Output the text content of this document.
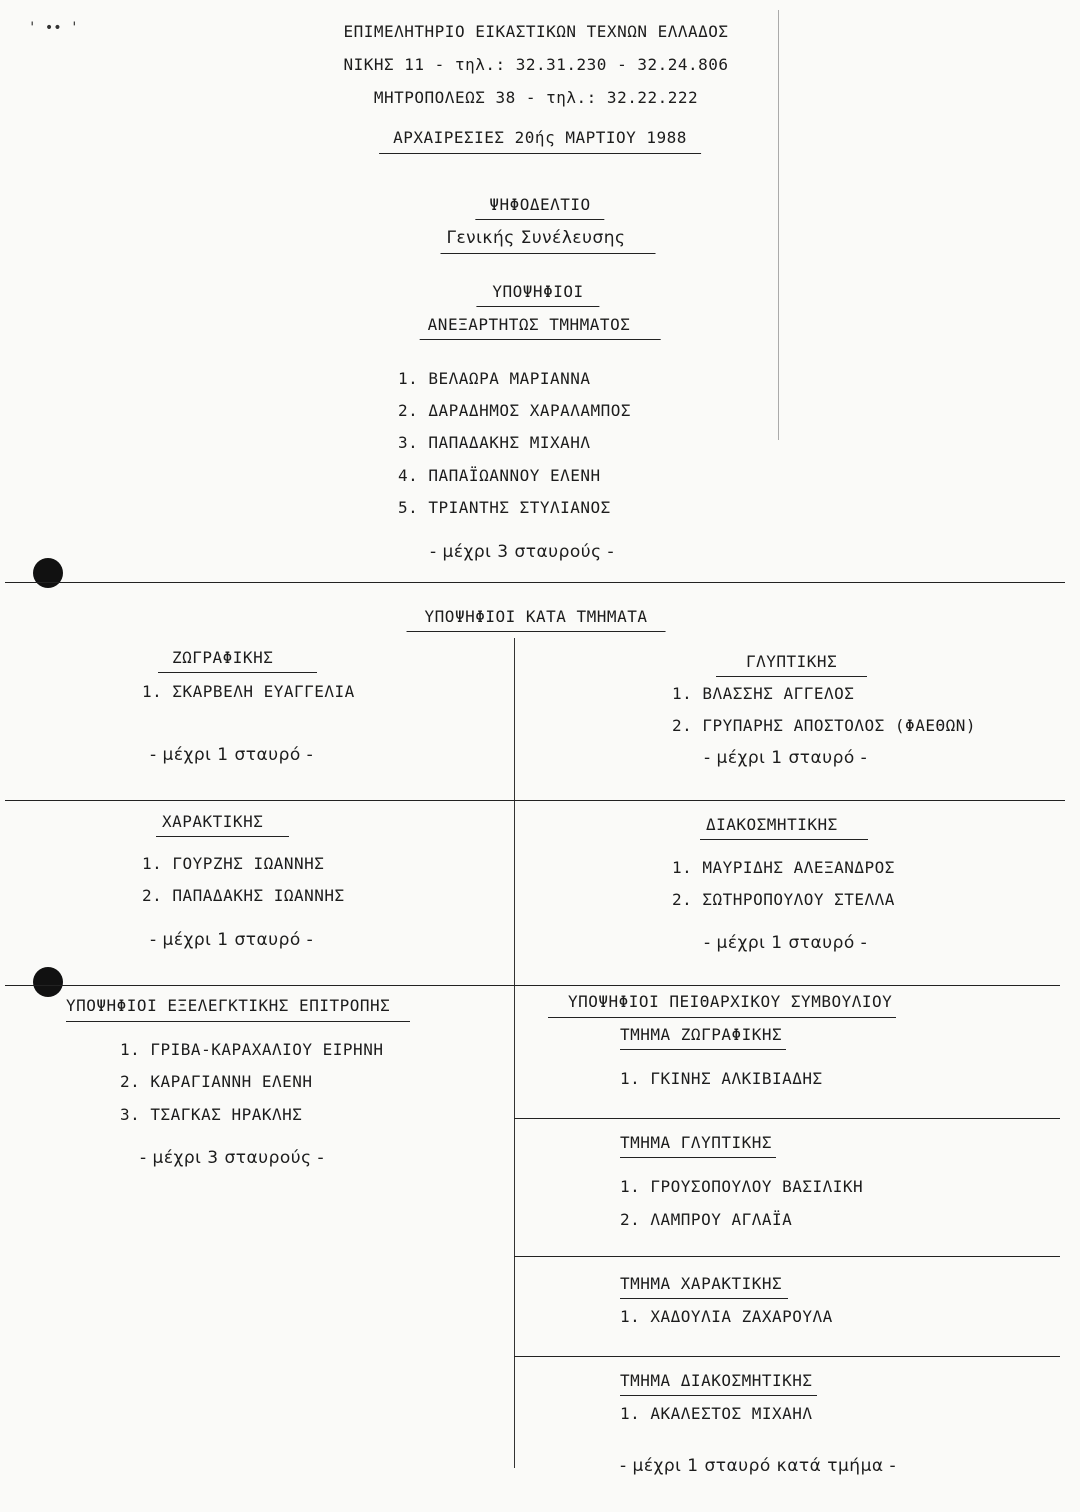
' •• '	ΕΠΙΜΕΛΗΤΗΡΙΟ ΕΙΚΑΣΤΙΚΩΝ ΤΕΧΝΩΝ ΕΛΛΑΔΟΣ
ΝΙΚΗΣ 11 - τηλ.: 32.31.230 - 32.24.806
ΜΗΤΡΟΠΟΛΕΩΣ 38 - τηλ.: 32.22.222
ΑΡΧΑΙΡΕΣΙΕΣ 20ής ΜΑΡΤΙΟΥ 1988
ΨΗΦΟΔΕΛΤΙΟ
Γενικής Συνέλευσης
ΥΠΟΨΗΦΙΟΙ
ΑΝΕΞΑΡΤΗΤΩΣ ΤΜΗΜΑΤΟΣ
1. ΒΕΛΑΩΡΑ ΜΑΡΙΑΝΝΑ
2. ΔΑΡΑΔΗΜΟΣ ΧΑΡΑΛΑΜΠΟΣ
3. ΠΑΠΑΔΑΚΗΣ ΜΙΧΑΗΛ
4. ΠΑΠΑΪΩΑΝΝΟΥ ΕΛΕΝΗ
5. ΤΡΙΑΝΤΗΣ ΣΤΥΛΙΑΝΟΣ
- μέχρι 3 σταυρούς -
ΥΠΟΨΗΦΙΟΙ ΚΑΤΑ ΤΜΗΜΑΤΑ
ΖΩΓΡΑΦΙΚΗΣ
1. ΣΚΑΡΒΕΛΗ ΕΥΑΓΓΕΛΙΑ
- μέχρι 1 σταυρό -
ΓΛΥΠΤΙΚΗΣ
1. ΒΛΑΣΣΗΣ ΑΓΓΕΛΟΣ
2. ΓΡΥΠΑΡΗΣ ΑΠΟΣΤΟΛΟΣ (ΦΑΕΘΩΝ)
- μέχρι 1 σταυρό -
ΧΑΡΑΚΤΙΚΗΣ
1. ΓΟΥΡΖΗΣ ΙΩΑΝΝΗΣ
2. ΠΑΠΑΔΑΚΗΣ ΙΩΑΝΝΗΣ
- μέχρι 1 σταυρό -
ΔΙΑΚΟΣΜΗΤΙΚΗΣ
1. ΜΑΥΡΙΔΗΣ ΑΛΕΞΑΝΔΡΟΣ
2. ΣΩΤΗΡΟΠΟΥΛΟΥ ΣΤΕΛΛΑ
- μέχρι 1 σταυρό -
ΥΠΟΨΗΦΙΟΙ ΕΞΕΛΕΓΚΤΙΚΗΣ ΕΠΙΤΡΟΠΗΣ
1. ΓΡΙΒΑ-ΚΑΡΑΧΑΛΙΟΥ ΕΙΡΗΝΗ
2. ΚΑΡΑΓΙΑΝΝΗ ΕΛΕΝΗ
3. ΤΣΑΓΚΑΣ ΗΡΑΚΛΗΣ
- μέχρι 3 σταυρούς -
ΥΠΟΨΗΦΙΟΙ ΠΕΙΘΑΡΧΙΚΟΥ ΣΥΜΒΟΥΛΙΟΥ
ΤΜΗΜΑ ΖΩΓΡΑΦΙΚΗΣ
1. ΓΚΙΝΗΣ ΑΛΚΙΒΙΑΔΗΣ
ΤΜΗΜΑ ΓΛΥΠΤΙΚΗΣ
1. ΓΡΟΥΣΟΠΟΥΛΟΥ ΒΑΣΙΛΙΚΗ
2. ΛΑΜΠΡΟΥ ΑΓΛΑΪΑ
ΤΜΗΜΑ ΧΑΡΑΚΤΙΚΗΣ
1. ΧΑΔΟΥΛΙΑ ΖΑΧΑΡΟΥΛΑ
ΤΜΗΜΑ ΔΙΑΚΟΣΜΗΤΙΚΗΣ
1. ΑΚΑΛΕΣΤΟΣ ΜΙΧΑΗΛ
- μέχρι 1 σταυρό κατά τμήμα -
